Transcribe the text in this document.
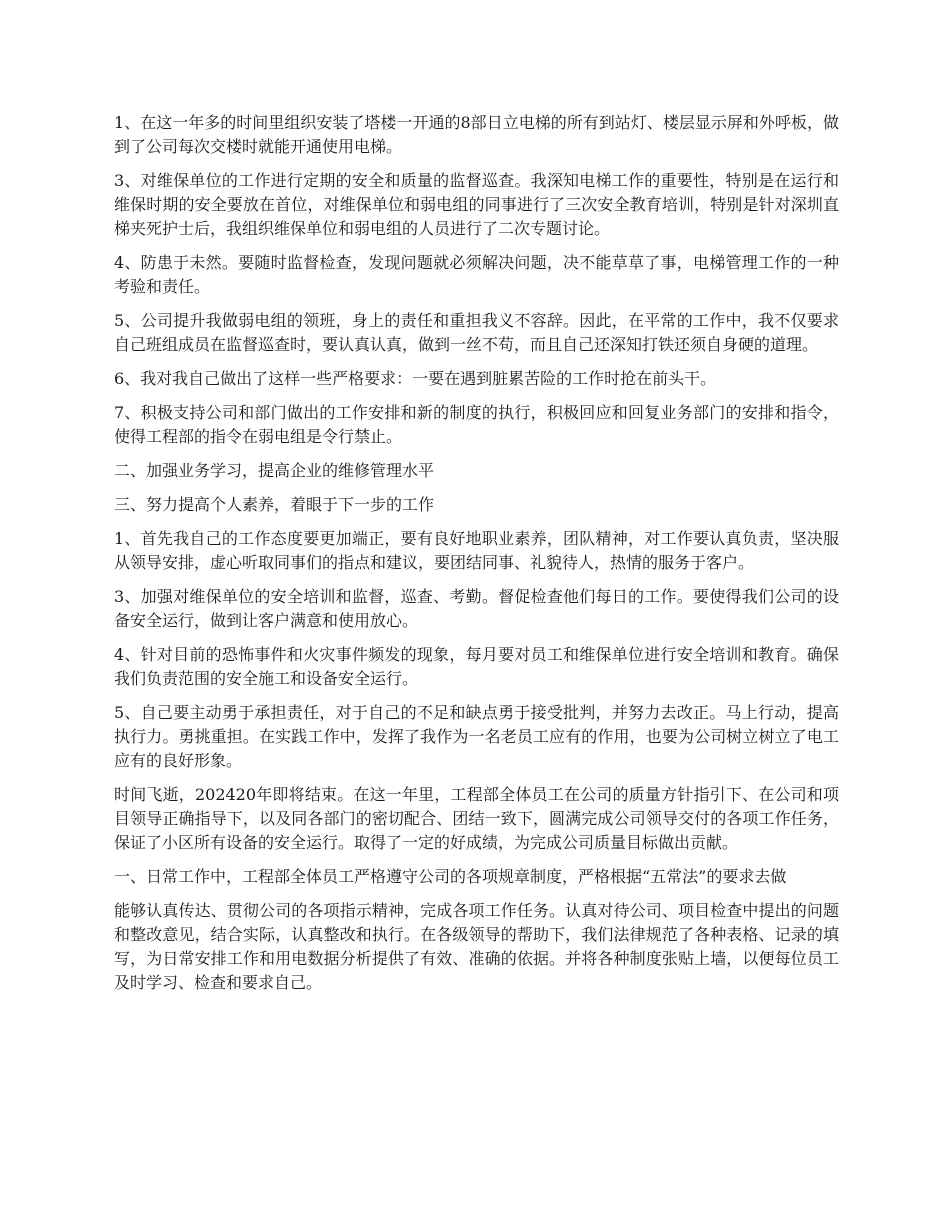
1、在这一年多的时间里组织安装了塔楼一开通的8部日立电梯的所有到站灯、楼层显示屏和外呼板，做到了公司每次交楼时就能开通使用电梯。

3、对维保单位的工作进行定期的安全和质量的监督巡查。我深知电梯工作的重要性，特别是在运行和维保时期的安全要放在首位，对维保单位和弱电组的同事进行了三次安全教育培训，特别是针对深圳直梯夹死护士后，我组织维保单位和弱电组的人员进行了二次专题讨论。

4、防患于未然。要随时监督检查，发现问题就必须解决问题，决不能草草了事，电梯管理工作的一种考验和责任。

5、公司提升我做弱电组的领班，身上的责任和重担我义不容辞。因此，在平常的工作中，我不仅要求自己班组成员在监督巡查时，要认真认真，做到一丝不苟，而且自己还深知打铁还须自身硬的道理。

6、我对我自己做出了这样一些严格要求：一要在遇到脏累苦险的工作时抢在前头干。

7、积极支持公司和部门做出的工作安排和新的制度的执行，积极回应和回复业务部门的安排和指令，使得工程部的指令在弱电组是令行禁止。

二、加强业务学习，提高企业的维修管理水平

三、努力提高个人素养，着眼于下一步的工作

1、首先我自己的工作态度要更加端正，要有良好地职业素养，团队精神，对工作要认真负责，坚决服从领导安排，虚心听取同事们的指点和建议，要团结同事、礼貌待人，热情的服务于客户。

3、加强对维保单位的安全培训和监督，巡查、考勤。督促检查他们每日的工作。要使得我们公司的设备安全运行，做到让客户满意和使用放心。

4、针对目前的恐怖事件和火灾事件频发的现象，每月要对员工和维保单位进行安全培训和教育。确保我们负责范围的安全施工和设备安全运行。

5、自己要主动勇于承担责任，对于自己的不足和缺点勇于接受批判，并努力去改正。马上行动，提高执行力。勇挑重担。在实践工作中，发挥了我作为一名老员工应有的作用，也要为公司树立树立了电工应有的良好形象。

时间飞逝，202420年即将结束。在这一年里，工程部全体员工在公司的质量方针指引下、在公司和项目领导正确指导下，以及同各部门的密切配合、团结一致下，圆满完成公司领导交付的各项工作任务，保证了小区所有设备的安全运行。取得了一定的好成绩，为完成公司质量目标做出贡献。

一、日常工作中，工程部全体员工严格遵守公司的各项规章制度，严格根据“五常法”的要求去做

能够认真传达、贯彻公司的各项指示精神，完成各项工作任务。认真对待公司、项目检查中提出的问题和整改意见，结合实际，认真整改和执行。在各级领导的帮助下，我们法律规范了各种表格、记录的填写，为日常安排工作和用电数据分析提供了有效、准确的依据。并将各种制度张贴上墙，以便每位员工及时学习、检查和要求自己。
